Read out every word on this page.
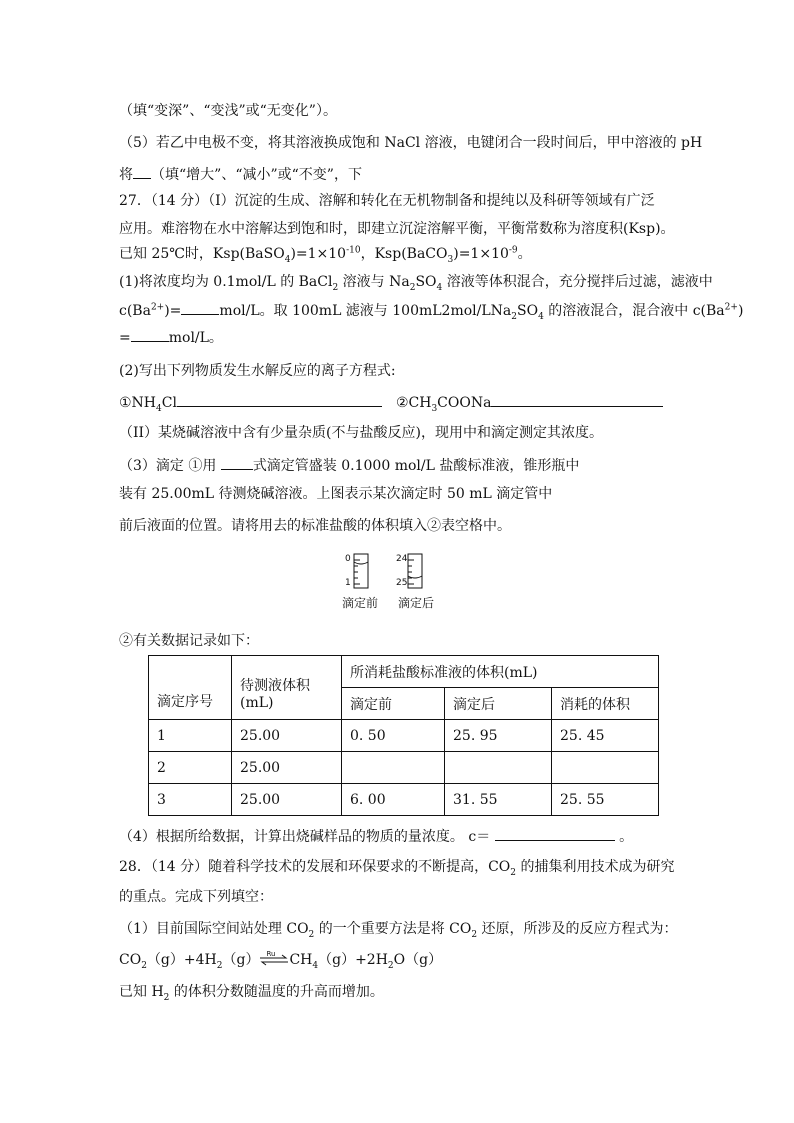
（填“变深”、“变浅”或“无变化”）。
（5）若乙中电极不变，将其溶液换成饱和 NaCl 溶液，电键闭合一段时间后，甲中溶液的 pH
将 （填“增大”、“减小”或“不变”，下
27．（14 分）（Ⅰ）沉淀的生成、溶解和转化在无机物制备和提纯以及科研等领域有广泛
应用。难溶物在水中溶解达到饱和时，即建立沉淀溶解平衡，平衡常数称为溶度积(Ksp)。
已知 25℃时，$Ksp(BaSO_4)=1\times 10^{-10}$，$Ksp(BaCO_3)=1\times 10^{-9}$。
(1)将浓度均为 0.1mol/L 的 BaCl$_2$ 溶液与 $Na_2SO_4$ 溶液等体积混合，充分搅拌后过滤，滤液中
$c(Ba^{2+})=$	mol/L。取 100mL 滤液与 $100mL2mol/LNa_2SO_4$ 的溶液混合，混合液中 $c(Ba^{2+})$
=	mol/L。
(2)写出下列物质发生水解反应的离子方程式:
$①NH_4Cl$	$②CH_3COONa$
（II）某烧碱溶液中含有少量杂质(不与盐酸反应)，现用中和滴定测定其浓度。
（3）滴定 ①用 式滴定管盛装 0.1000 mol/L 盐酸标准液，锥形瓶中
装有 25.00mL 待测烧碱溶液。上图表示某次滴定时 50 mL 滴定管中
前后液面的位置。请将用去的标准盐酸的体积填入②表空格中。
0
1
24
25
滴定前 滴定后
②有关数据记录如下：
滴定序号	待测液体积(mL)	所消耗盐酸标准液的体积(mL)		
		滴定前	滴定后	消耗的体积
1	25.00	0. 50	25. 95	25. 45
2	25.00			
3	25.00	6. 00	31. 55	25. 55
（4）根据所给数据，计算出烧碱样品的物质的量浓度。 c＝	。
28．（14 分）随着科学技术的发展和环保要求的不断提高，$CO_2$ 的捕集利用技术成为研究
的重点。完成下列填空：
（1）目前国际空间站处理 $CO_2$ 的一个重要方法是将 $CO_2$ 还原，所涉及的反应方程式为：
$CO_2(g)+4H_2(g)$ Ru $CH_4(g)+2H_2O(g)$
已知 $H_2$ 的体积分数随温度的升高而增加。
